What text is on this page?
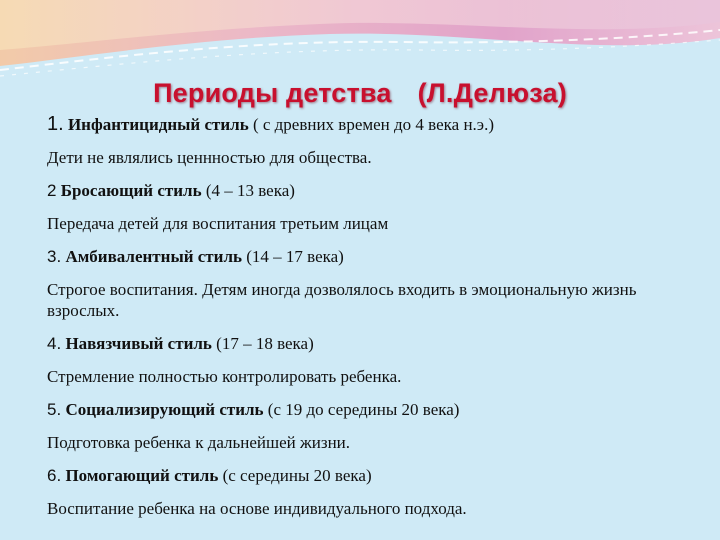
Периоды детства (Л.Делюза)

1. Инфантицидный стиль ( с древних времен до 4 века н.э.)

Дети не являлись ценнностью для общества.

2 Бросающий стиль (4 – 13 века)

Передача детей для воспитания третьим лицам

3. Амбивалентный стиль (14 – 17 века)

Строгое воспитания. Детям иногда дозволялось входить в эмоциональную жизнь взрослых.

4. Навязчивый стиль (17 – 18 века)

Стремление полностью контролировать ребенка.

5. Социализирующий стиль (с 19 до середины 20 века)

Подготовка ребенка к дальнейшей жизни.

6. Помогающий стиль (с середины 20 века)

Воспитание ребенка на основе индивидуального подхода.
